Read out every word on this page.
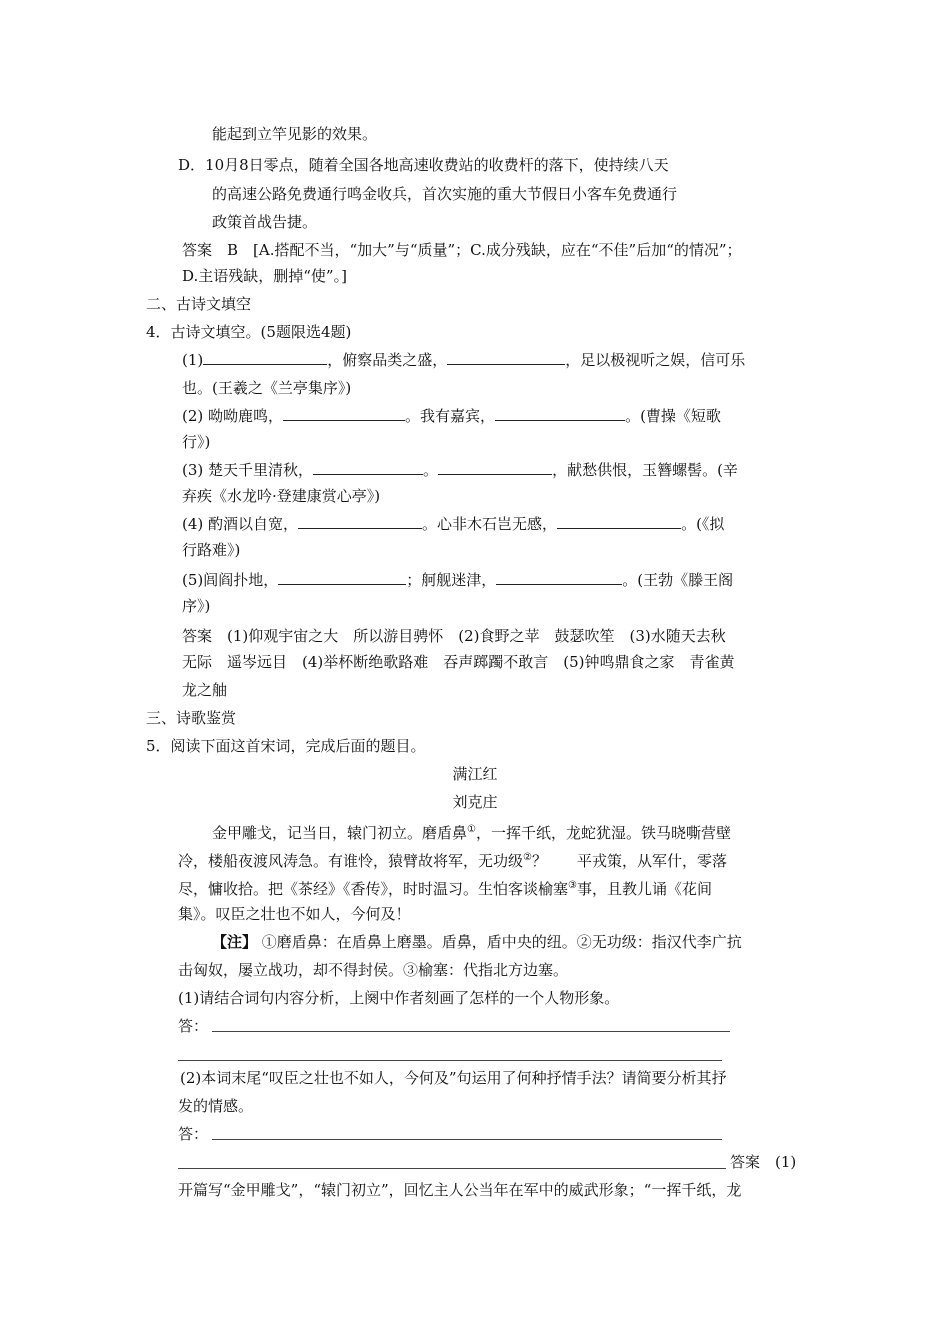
能起到立竿见影的效果。
D．10月8日零点，随着全国各地高速收费站的收费杆的落下，使持续八天
的高速公路免费通行鸣金收兵，首次实施的重大节假日小客车免费通行
政策首战告捷。
答案　B　[A.搭配不当，“加大”与“质量”；C.成分残缺，应在“不佳”后加“的情况”；
D.主语残缺，删掉“使”。]
二、古诗文填空
4．古诗文填空。(5题限选4题)
(1)	，俯察品类之盛，	，足以极视听之娱，信可乐
也。(王羲之《兰亭集序》)
(2) 呦呦鹿鸣，	。我有嘉宾，	。(曹操《短歌
行》)
(3) 楚天千里清秋，	。	，献愁供恨，玉簪螺髻。(辛
弃疾《水龙吟·登建康赏心亭》)
(4) 酌酒以自宽，	。心非木石岂无感，	。(《拟
行路难》)
(5)闾阎扑地，	；舸舰迷津，	。(王勃《滕王阁
序》)
答案　(1)仰观宇宙之大　所以游目骋怀　(2)食野之苹　鼓瑟吹笙　(3)水随天去秋
无际　遥岑远目　(4)举杯断绝歌路难　吞声踯躅不敢言　(5)钟鸣鼎食之家　青雀黄
龙之舳
三、诗歌鉴赏
5．阅读下面这首宋词，完成后面的题目。
满江红
刘克庄
金甲雕戈，记当日，辕门初立。磨盾鼻①，一挥千纸，龙蛇犹湿。铁马晓嘶营壁
冷，楼船夜渡风涛急。有谁怜，猿臂故将军，无功级②？　　平戎策，从军什，零落
尽，慵收拾。把《茶经》《香传》，时时温习。生怕客谈榆塞③事，且教儿诵《花间
集》。叹臣之壮也不如人，今何及！
【注】 ①磨盾鼻：在盾鼻上磨墨。盾鼻，盾中央的纽。②无功级：指汉代李广抗
击匈奴，屡立战功，却不得封侯。③榆塞：代指北方边塞。
(1)请结合词句内容分析，上阕中作者刻画了怎样的一个人物形象。
答：
(2)本词末尾“叹臣之壮也不如人，今何及”句运用了何种抒情手法？请简要分析其抒
发的情感。
答：
答案　(1)
开篇写“金甲雕戈”，“辕门初立”，回忆主人公当年在军中的威武形象；“一挥千纸，龙
